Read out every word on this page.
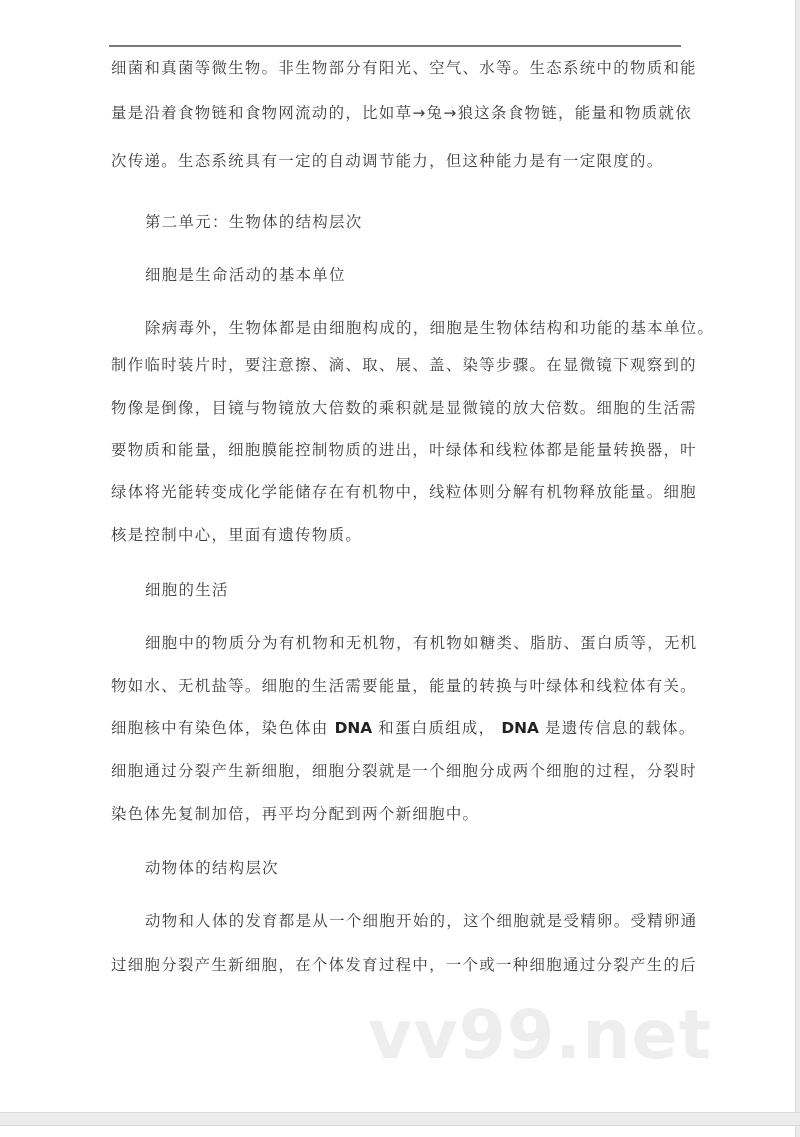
细菌和真菌等微生物。非生物部分有阳光、空气、水等。生态系统中的物质和能
量是沿着食物链和食物网流动的，比如草→兔→狼这条食物链，能量和物质就依
次传递。生态系统具有一定的自动调节能力，但这种能力是有一定限度的。
第二单元：生物体的结构层次
细胞是生命活动的基本单位
除病毒外，生物体都是由细胞构成的，细胞是生物体结构和功能的基本单位。
制作临时装片时，要注意擦、滴、取、展、盖、染等步骤。在显微镜下观察到的
物像是倒像，目镜与物镜放大倍数的乘积就是显微镜的放大倍数。细胞的生活需
要物质和能量，细胞膜能控制物质的进出，叶绿体和线粒体都是能量转换器，叶
绿体将光能转变成化学能储存在有机物中，线粒体则分解有机物释放能量。细胞
核是控制中心，里面有遗传物质。
细胞的生活
细胞中的物质分为有机物和无机物，有机物如糖类、脂肪、蛋白质等，无机
物如水、无机盐等。细胞的生活需要能量，能量的转换与叶绿体和线粒体有关。
细胞核中有染色体，染色体由 DNA 和蛋白质组成， DNA 是遗传信息的载体。
细胞通过分裂产生新细胞，细胞分裂就是一个细胞分成两个细胞的过程，分裂时
染色体先复制加倍，再平均分配到两个新细胞中。
动物体的结构层次
动物和人体的发育都是从一个细胞开始的，这个细胞就是受精卵。受精卵通
过细胞分裂产生新细胞，在个体发育过程中，一个或一种细胞通过分裂产生的后
vv99.net
